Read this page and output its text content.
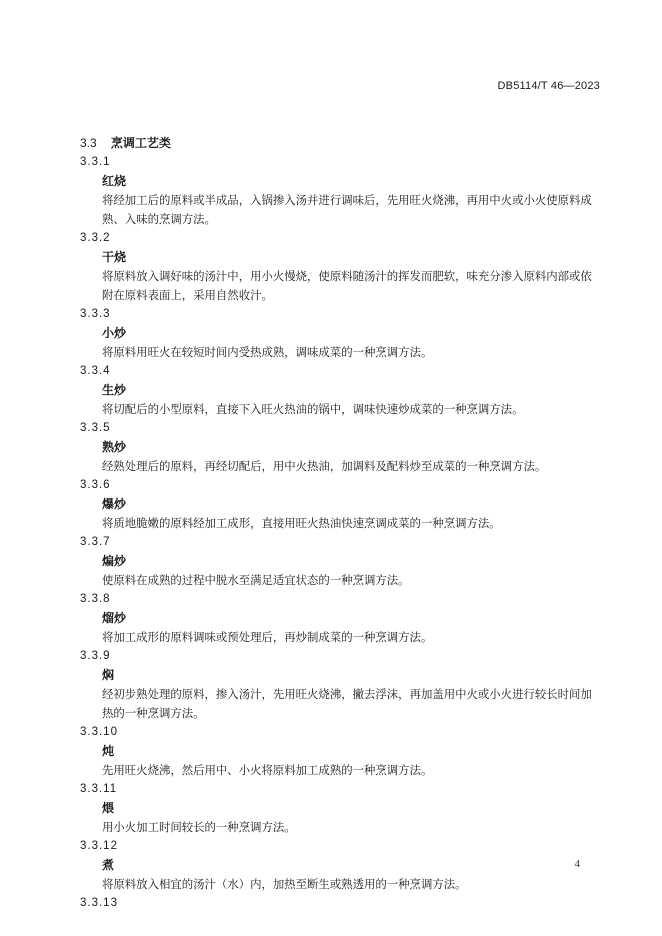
DB5114/T 46—2023
3.3 烹调工艺类
3.3.1
红烧
将经加工后的原料或半成品，入锅掺入汤并进行调味后，先用旺火烧沸，再用中火或小火使原料成熟、入味的烹调方法。
3.3.2
干烧
将原料放入调好味的汤汁中，用小火慢烧，使原料随汤汁的挥发而肥软，味充分渗入原料内部或依附在原料表面上，采用自然收汁。
3.3.3
小炒
将原料用旺火在较短时间内受热成熟，调味成菜的一种烹调方法。
3.3.4
生炒
将切配后的小型原料，直接下入旺火热油的锅中，调味快速炒成菜的一种烹调方法。
3.3.5
熟炒
经熟处理后的原料，再经切配后，用中火热油，加调料及配料炒至成菜的一种烹调方法。
3.3.6
爆炒
将质地脆嫩的原料经加工成形，直接用旺火热油快速烹调成菜的一种烹调方法。
3.3.7
煸炒
使原料在成熟的过程中脱水至满足适宜状态的一种烹调方法。
3.3.8
熘炒
将加工成形的原料调味或预处理后，再炒制成菜的一种烹调方法。
3.3.9
焖
经初步熟处理的原料，掺入汤汁，先用旺火烧沸，撇去浮沫，再加盖用中火或小火进行较长时间加热的一种烹调方法。
3.3.10
炖
先用旺火烧沸，然后用中、小火将原料加工成熟的一种烹调方法。
3.3.11
煨
用小火加工时间较长的一种烹调方法。
3.3.12
煮
将原料放入相宜的汤汁（水）内，加热至断生或熟透用的一种烹调方法。
3.3.13
4
